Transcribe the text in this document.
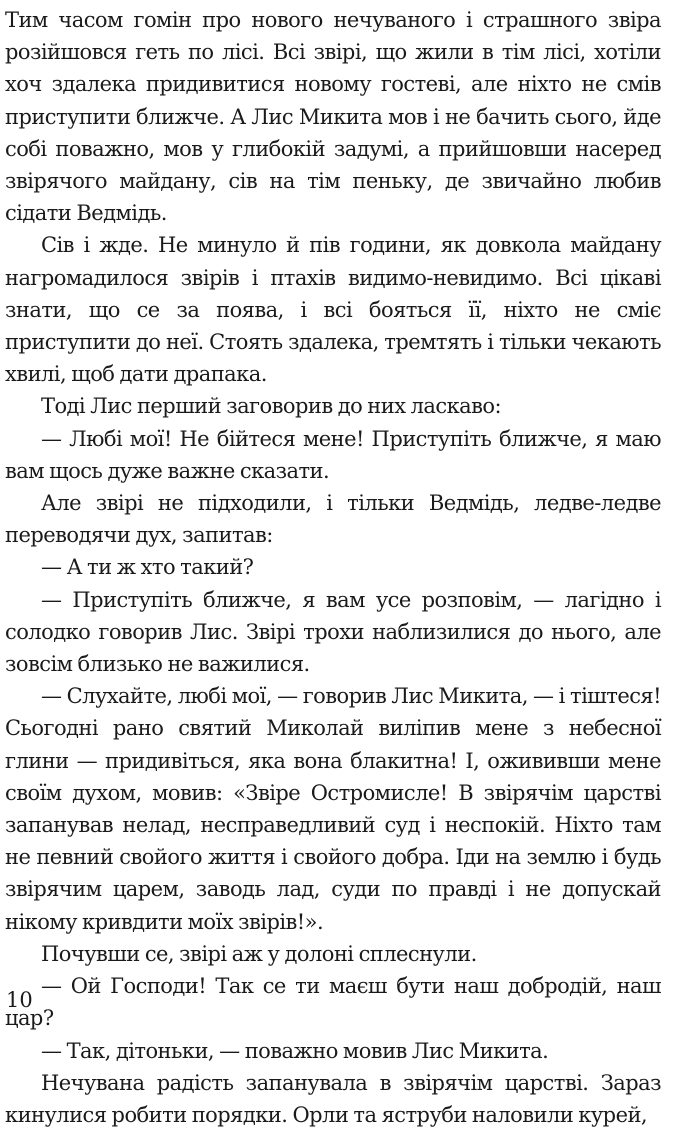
Тим часом гомін про нового нечуваного і страшного звіра розійшовся геть по лісі. Всі звірі, що жили в тім лісі, хотіли хоч здалека придивитися новому гостеві, але ніхто не смів приступити ближче. А Лис Микита мов і не бачить сього, йде собі поважно, мов у глибокій задумі, а прийшовши насеред звірячого майдану, сів на тім пеньку, де звичайно любив сідати Ведмідь.

Сів і жде. Не минуло й пів години, як довкола майдану нагромадилося звірів і птахів видимо-невидимо. Всі цікаві знати, що се за поява, і всі бояться її, ніхто не сміє приступити до неї. Стоять здалека, тремтять і тільки чекають хвилі, щоб дати драпака.

Тоді Лис перший заговорив до них ласкаво:

— Любі мої! Не бійтеся мене! Приступіть ближче, я маю вам щось дуже важне сказати.

Але звірі не підходили, і тільки Ведмідь, ледве-ледве переводячи дух, запитав:

— А ти ж хто такий?

— Приступіть ближче, я вам усе розповім, — лагідно і солодко говорив Лис. Звірі трохи наблизилися до нього, але зовсім близько не важилися.

— Слухайте, любі мої, — говорив Лис Микита, — і тіштеся! Сьогодні рано святий Миколай виліпив мене з небесної глини — придивіться, яка вона блакитна! І, ожививши мене своїм духом, мовив: «Звіре Остромисле! В звірячім царстві запанував нелад, несправедливий суд і неспокій. Ніхто там не певний свойого життя і свойого добра. Іди на землю і будь звірячим царем, заводь лад, суди по правді і не допускай нікому кривдити моїх звірів!».

Почувши се, звірі аж у долоні сплеснули.

— Ой Господи! Так се ти маєш бути наш добродій, наш цар?

— Так, дітоньки, — поважно мовив Лис Микита.

Нечувана радість запанувала в звірячім царстві. Зараз кинулися робити порядки. Орли та яструби наловили курей,

10
